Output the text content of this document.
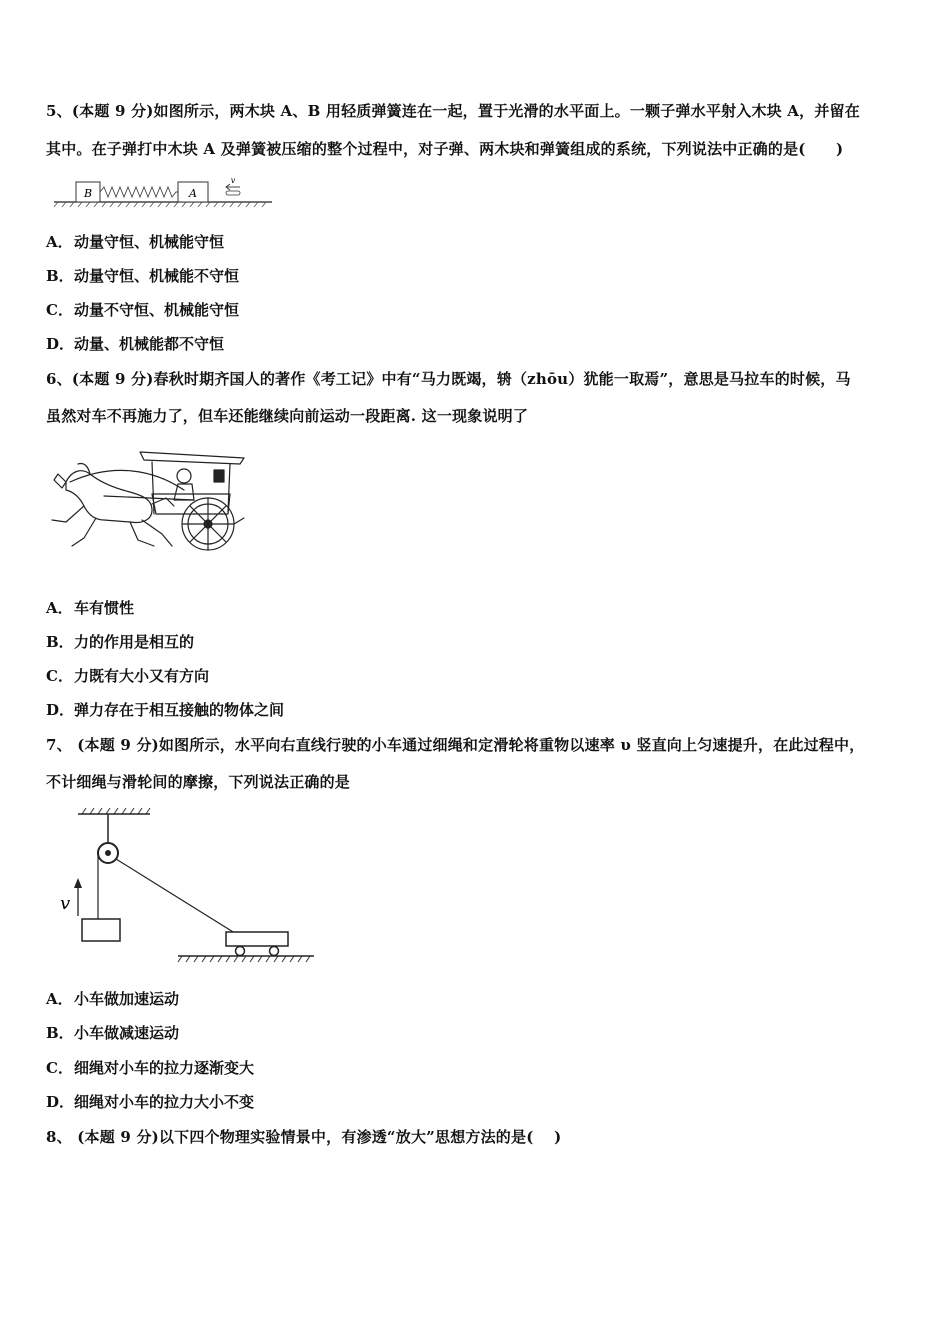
5、(本题 9 分)如图所示，两木块 A、B 用轻质弹簧连在一起，置于光滑的水平面上。一颗子弹水平射入木块 A，并留在
其中。在子弹打中木块 A 及弹簧被压缩的整个过程中，对子弹、两木块和弹簧组成的系统，下列说法中正确的是(　　)
B	A
v
A．动量守恒、机械能守恒
B．动量守恒、机械能不守恒
C．动量不守恒、机械能守恒
D．动量、机械能都不守恒
6、(本题 9 分)春秋时期齐国人的著作《考工记》中有“马力既竭，辀（zhōu）犹能一取焉”，意思是马拉车的时候，马
虽然对车不再施力了，但车还能继续向前运动一段距离. 这一现象说明了
A．车有惯性
B．力的作用是相互的
C．力既有大小又有方向
D．弹力存在于相互接触的物体之间
7、 (本题 9 分)如图所示，水平向右直线行驶的小车通过细绳和定滑轮将重物以速率 υ 竖直向上匀速提升，在此过程中，
不计细绳与滑轮间的摩擦，下列说法正确的是
v
A．小车做加速运动
B．小车做减速运动
C．细绳对小车的拉力逐渐变大
D．细绳对小车的拉力大小不变
8、 (本题 9 分)以下四个物理实验情景中，有渗透“放大”思想方法的是(　 )
